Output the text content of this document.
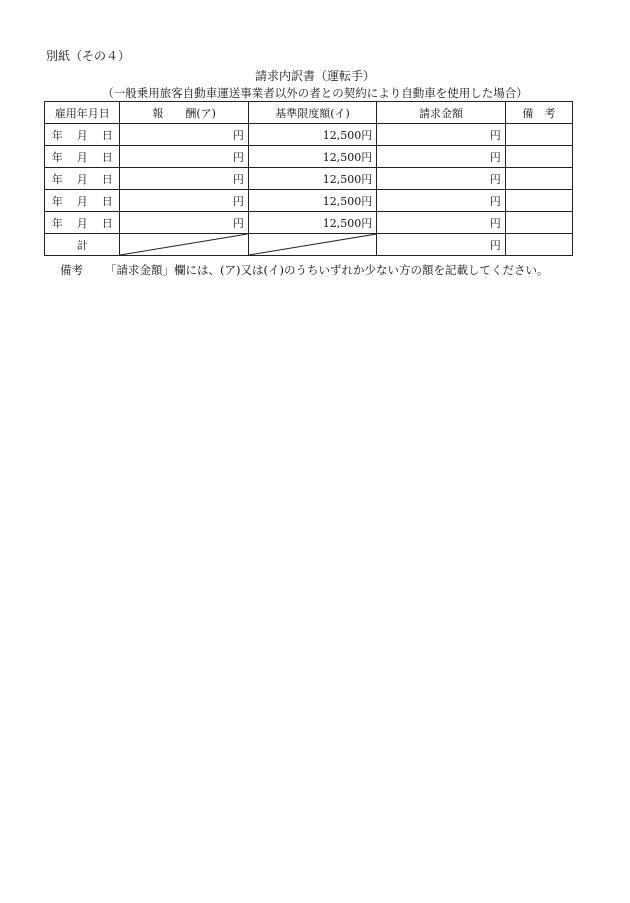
別紙（その４）
請求内訳書（運転手）
（一般乗用旅客自動車運送事業者以外の者との契約により自動車を使用した場合）
雇用年月日	報　　酬(ア)	基準限度額(イ)	請求金額	備　考
年 月 日	円	12,500円	円	
年 月 日	円	12,500円	円	
年 月 日	円	12,500円	円	
年 月 日	円	12,500円	円	
年 月 日	円	12,500円	円	
計			円	
備考 「請求金額」欄には、(ア)又は(イ)のうちいずれか少ない方の額を記載してください。
